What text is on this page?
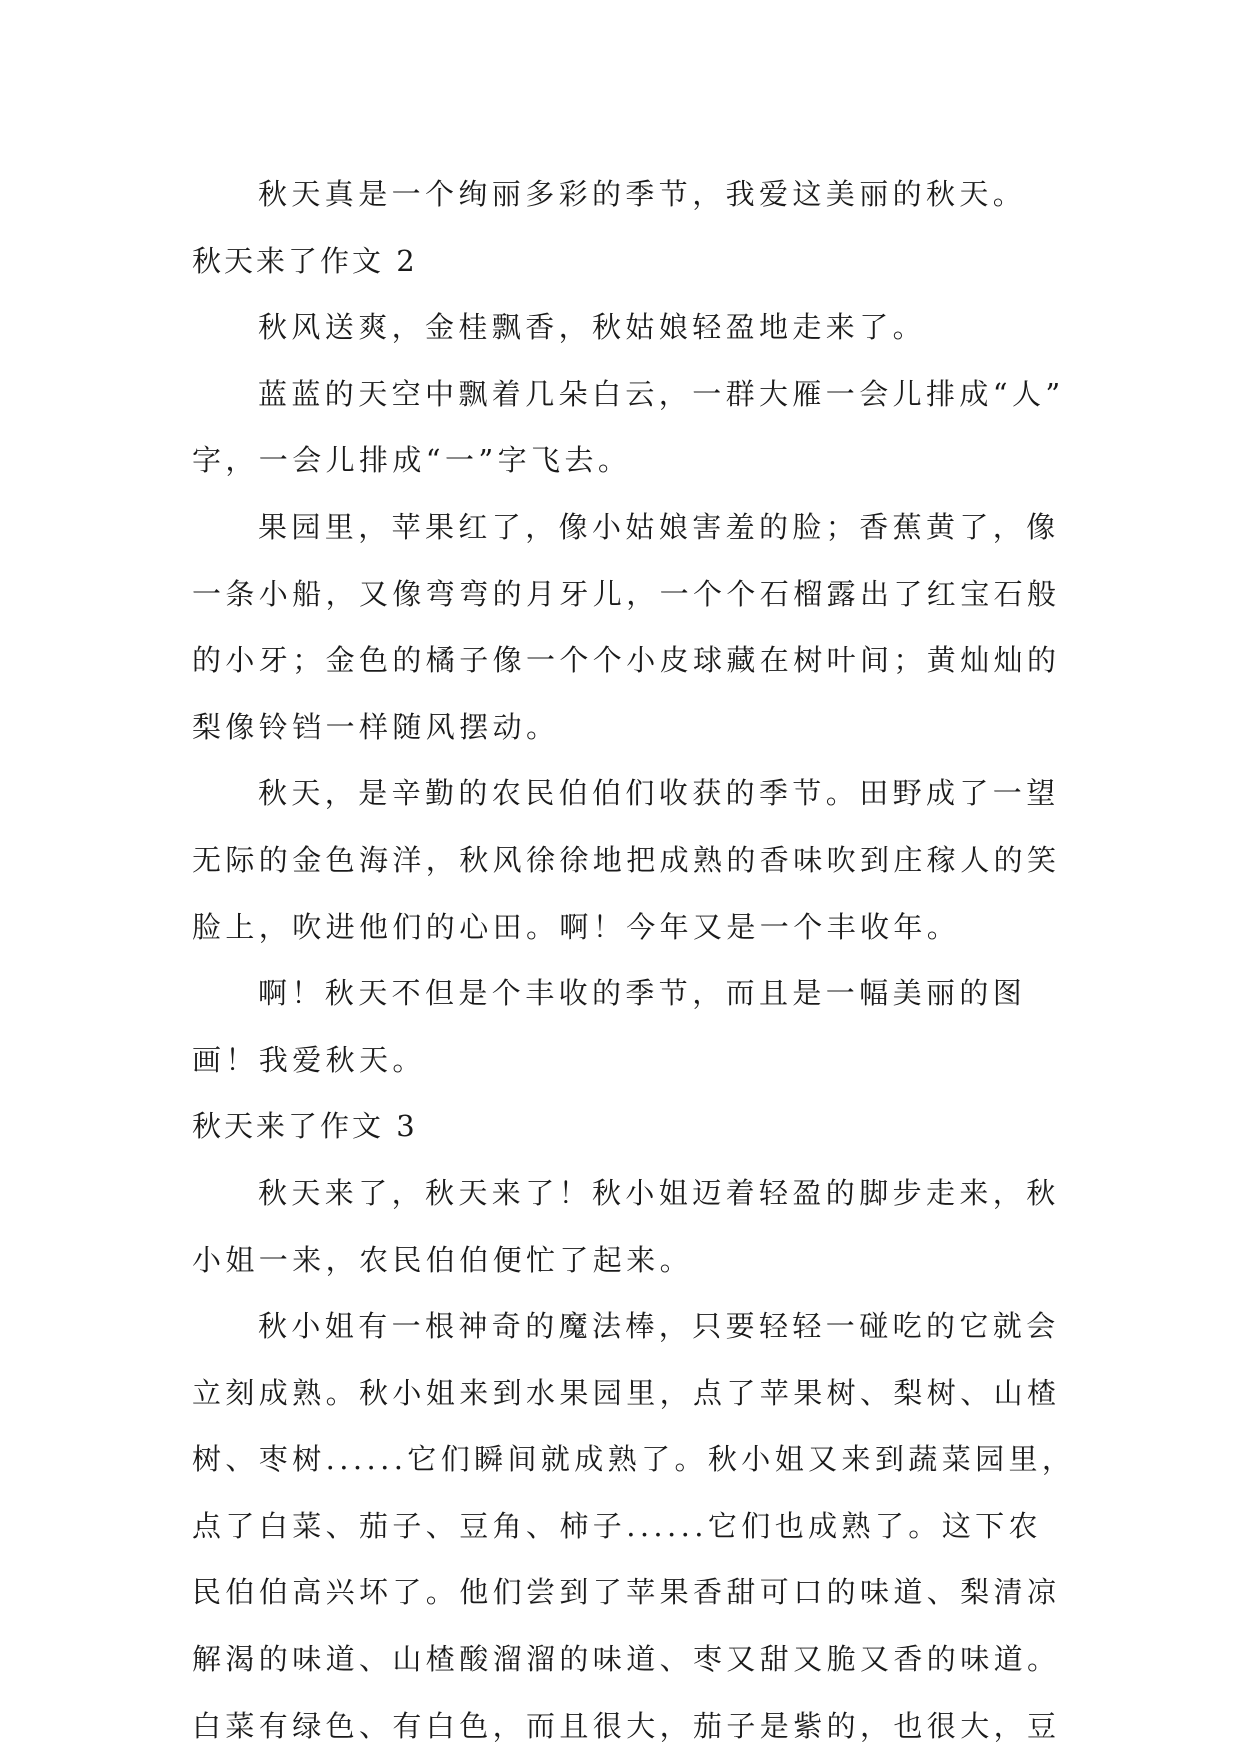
秋天真是一个绚丽多彩的季节，我爱这美丽的秋天。
秋天来了作文 2
秋风送爽，金桂飘香，秋姑娘轻盈地走来了。
蓝蓝的天空中飘着几朵白云，一群大雁一会儿排成“人”
字，一会儿排成“一”字飞去。
果园里，苹果红了，像小姑娘害羞的脸；香蕉黄了，像
一条小船，又像弯弯的月牙儿，一个个石榴露出了红宝石般
的小牙；金色的橘子像一个个小皮球藏在树叶间；黄灿灿的
梨像铃铛一样随风摆动。
秋天，是辛勤的农民伯伯们收获的季节。田野成了一望
无际的金色海洋，秋风徐徐地把成熟的香味吹到庄稼人的笑
脸上，吹进他们的心田。啊！今年又是一个丰收年。
啊！秋天不但是个丰收的季节，而且是一幅美丽的图
画！我爱秋天。
秋天来了作文 3
秋天来了，秋天来了！秋小姐迈着轻盈的脚步走来，秋
小姐一来，农民伯伯便忙了起来。
秋小姐有一根神奇的魔法棒，只要轻轻一碰吃的它就会
立刻成熟。秋小姐来到水果园里，点了苹果树、梨树、山楂
树、枣树......它们瞬间就成熟了。秋小姐又来到蔬菜园里，
点了白菜、茄子、豆角、柿子......它们也成熟了。这下农
民伯伯高兴坏了。他们尝到了苹果香甜可口的味道、梨清凉
解渴的味道、山楂酸溜溜的味道、枣又甜又脆又香的味道。
白菜有绿色、有白色，而且很大，茄子是紫的，也很大，豆
